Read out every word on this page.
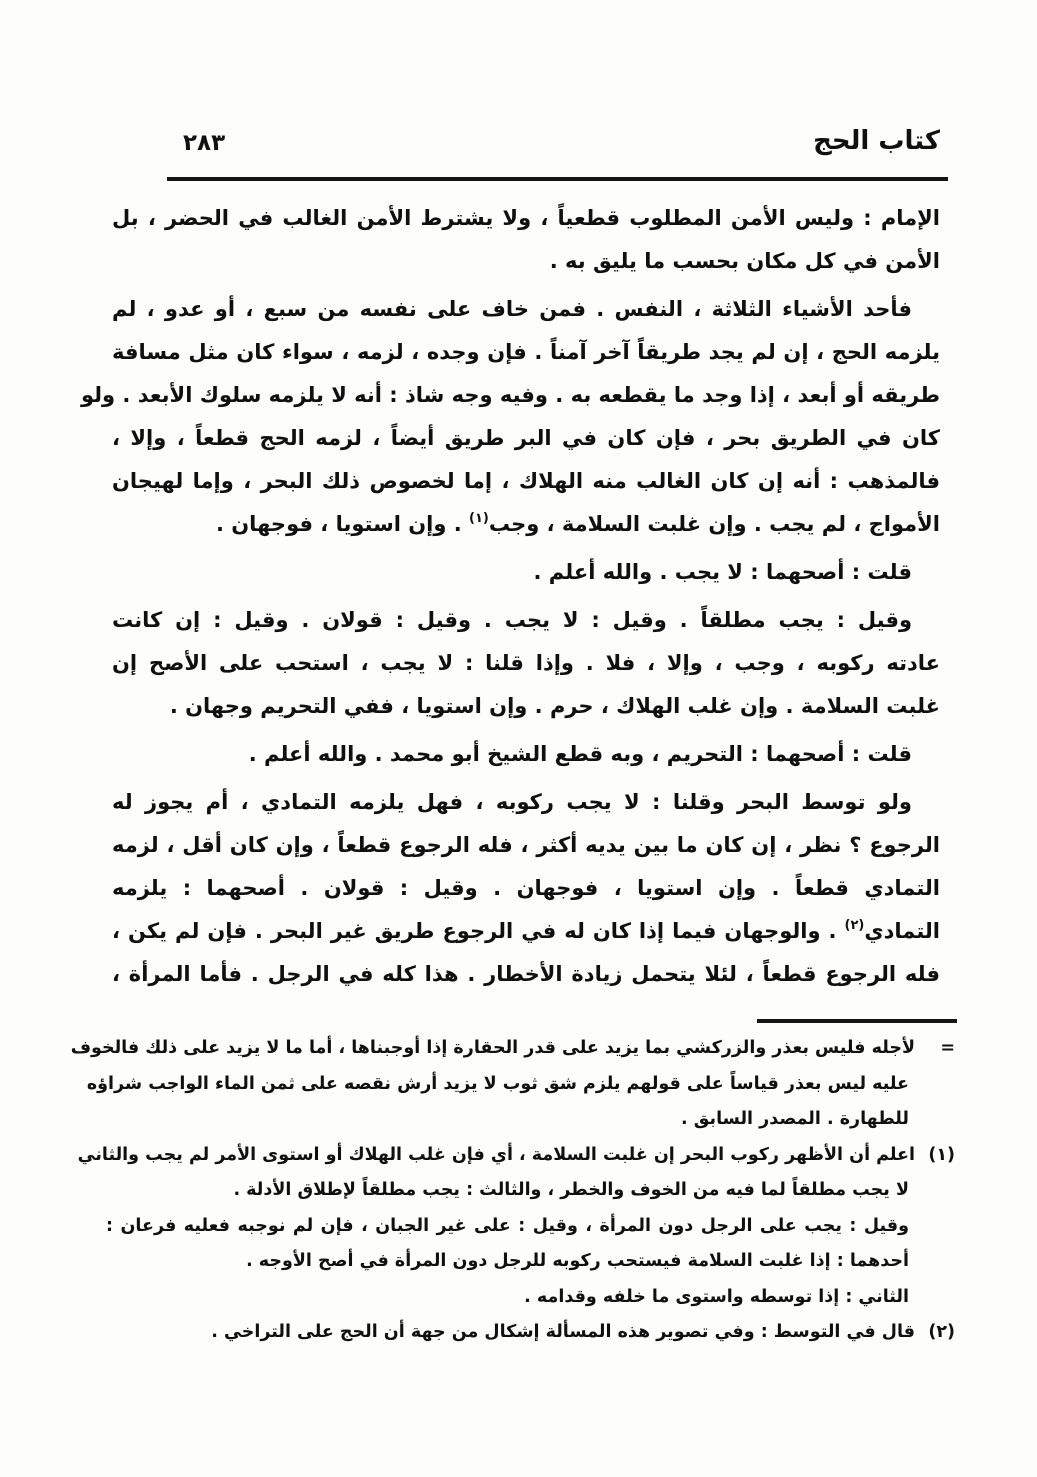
كتاب الحج
٢٨٣

الإمام : وليس الأمن المطلوب قطعياً ، ولا يشترط الأمن الغالب في الحضر ، بل
الأمن في كل مكان بحسب ما يليق به .

فأحد الأشياء الثلاثة ، النفس . فمن خاف على نفسه من سبع ، أو عدو ، لم
يلزمه الحج ، إن لم يجد طريقاً آخر آمناً . فإن وجده ، لزمه ، سواء كان مثل مسافة
طريقه أو أبعد ، إذا وجد ما يقطعه به . وفيه وجه شاذ : أنه لا يلزمه سلوك الأبعد . ولو
كان في الطريق بحر ، فإن كان في البر طريق أيضاً ، لزمه الحج قطعاً ، وإلا ،
فالمذهب : أنه إن كان الغالب منه الهلاك ، إما لخصوص ذلك البحر ، وإما لهيجان
الأمواج ، لم يجب . وإن غلبت السلامة ، وجب$^{(١)}$ . وإن استويا ، فوجهان .

قلت : أصحهما : لا يجب . والله أعلم .

وقيل : يجب مطلقاً . وقيل : لا يجب . وقيل : قولان . وقيل : إن كانت
عادته ركوبه ، وجب ، وإلا ، فلا . وإذا قلنا : لا يجب ، استحب على الأصح إن
غلبت السلامة . وإن غلب الهلاك ، حرم . وإن استويا ، ففي التحريم وجهان .

قلت : أصحهما : التحريم ، وبه قطع الشيخ أبو محمد . والله أعلم .

ولو توسط البحر وقلنا : لا يجب ركوبه ، فهل يلزمه التمادي ، أم يجوز له
الرجوع ؟ نظر ، إن كان ما بين يديه أكثر ، فله الرجوع قطعاً ، وإن كان أقل ، لزمه
التمادي قطعاً . وإن استويا ، فوجهان . وقيل : قولان . أصحهما : يلزمه
التمادي$^{(٢)}$ . والوجهان فيما إذا كان له في الرجوع طريق غير البحر . فإن لم يكن ،
فله الرجوع قطعاً ، لئلا يتحمل زيادة الأخطار . هذا كله في الرجل . فأما المرأة ،

=لأجله فليس بعذر والزركشي بما يزيد على قدر الحقارة إذا أوجبناها ، أما ما لا يزيد على ذلك فالخوف
عليه ليس بعذر قياساً على قولهم يلزم شق ثوب لا يزيد أرش نقصه على ثمن الماء الواجب شراؤه
للطهارة . المصدر السابق .
(١)اعلم أن الأظهر ركوب البحر إن غلبت السلامة ، أي فإن غلب الهلاك أو استوى الأمر لم يجب والثاني
لا يجب مطلقاً لما فيه من الخوف والخطر ، والثالث : يجب مطلقاً لإطلاق الأدلة .
وقيل : يجب على الرجل دون المرأة ، وقيل : على غير الجبان ، فإن لم نوجبه فعليه فرعان :
أحدهما : إذا غلبت السلامة فيستحب ركوبه للرجل دون المرأة في أصح الأوجه .
الثاني : إذا توسطه واستوى ما خلفه وقدامه .
(٢)قال في التوسط : وفي تصوير هذه المسألة إشكال من جهة أن الحج على التراخي .
